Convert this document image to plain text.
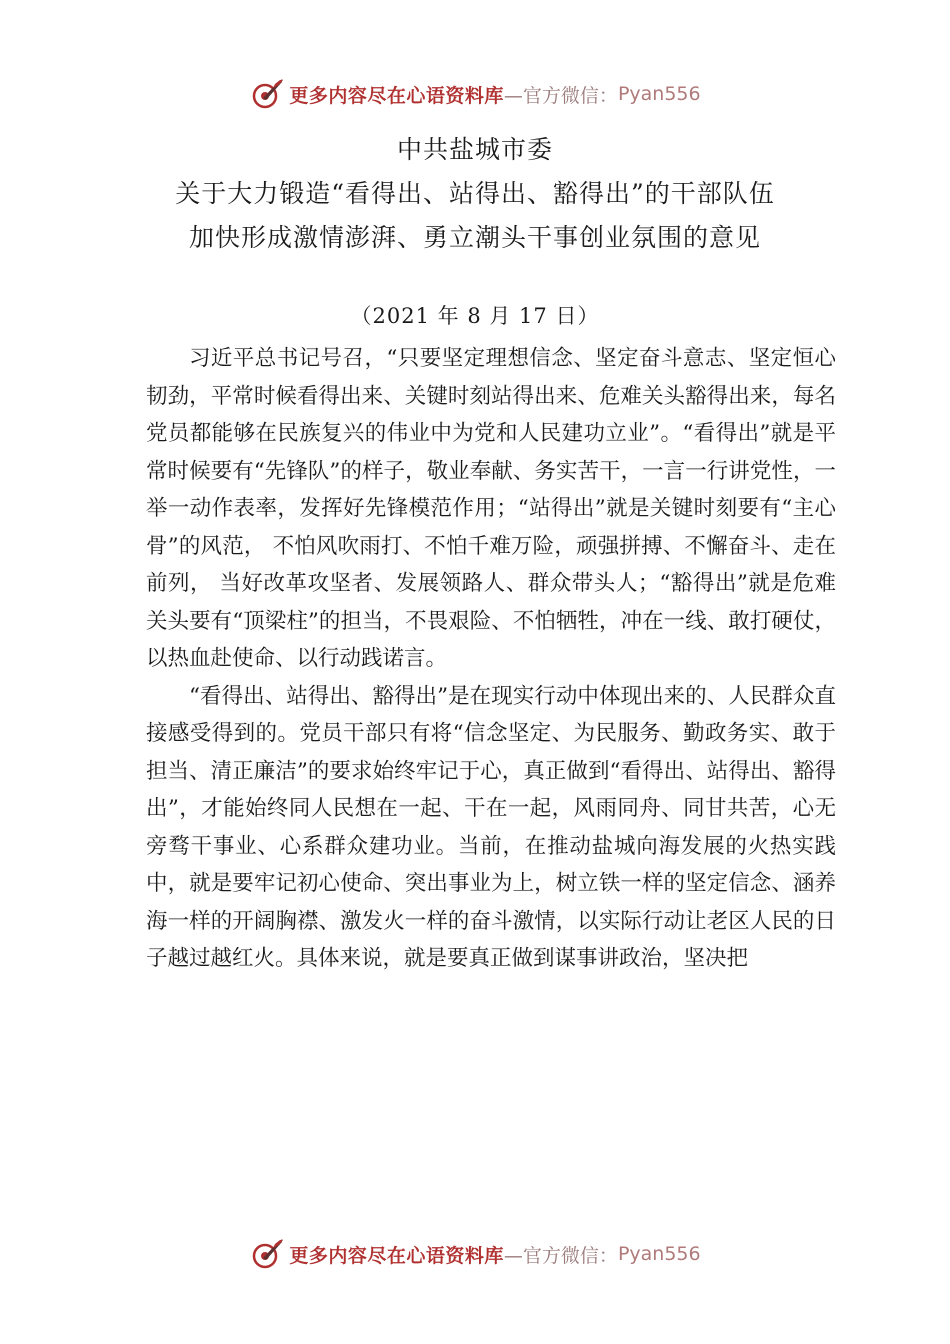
更多内容尽在心语资料库 —官方微信： Pyan556
中共盐城市委
关于大力锻造“看得出、站得出、豁得出”的干部队伍
加快形成激情澎湃、勇立潮头干事创业氛围的意见
（2021 年 8 月 17 日）

习近平总书记号召，“只要坚定理想信念、坚定奋斗意志、坚定恒心韧劲，平常时候看得出来、关键时刻站得出来、危难关头豁得出来，每名党员都能够在民族复兴的伟业中为党和人民建功立业”。“看得出”就是平常时候要有“先锋队”的样子，敬业奉献、务实苦干，一言一行讲党性，一举一动作表率，发挥好先锋模范作用；“站得出”就是关键时刻要有“主心骨”的风范， 不怕风吹雨打、不怕千难万险，顽强拼搏、不懈奋斗、走在前列， 当好改革攻坚者、发展领路人、群众带头人；“豁得出”就是危难关头要有“顶梁柱”的担当，不畏艰险、不怕牺牲，冲在一线、敢打硬仗，以热血赴使命、以行动践诺言。

“看得出、站得出、豁得出”是在现实行动中体现出来的、人民群众直接感受得到的。党员干部只有将“信念坚定、为民服务、勤政务实、敢于担当、清正廉洁”的要求始终牢记于心，真正做到“看得出、站得出、豁得出”，才能始终同人民想在一起、干在一起，风雨同舟、同甘共苦，心无旁骛干事业、心系群众建功业。当前，在推动盐城向海发展的火热实践中，就是要牢记初心使命、突出事业为上，树立铁一样的坚定信念、涵养海一样的开阔胸襟、激发火一样的奋斗激情，以实际行动让老区人民的日子越过越红火。具体来说，就是要真正做到谋事讲政治，坚决把

更多内容尽在心语资料库 —官方微信： Pyan556
